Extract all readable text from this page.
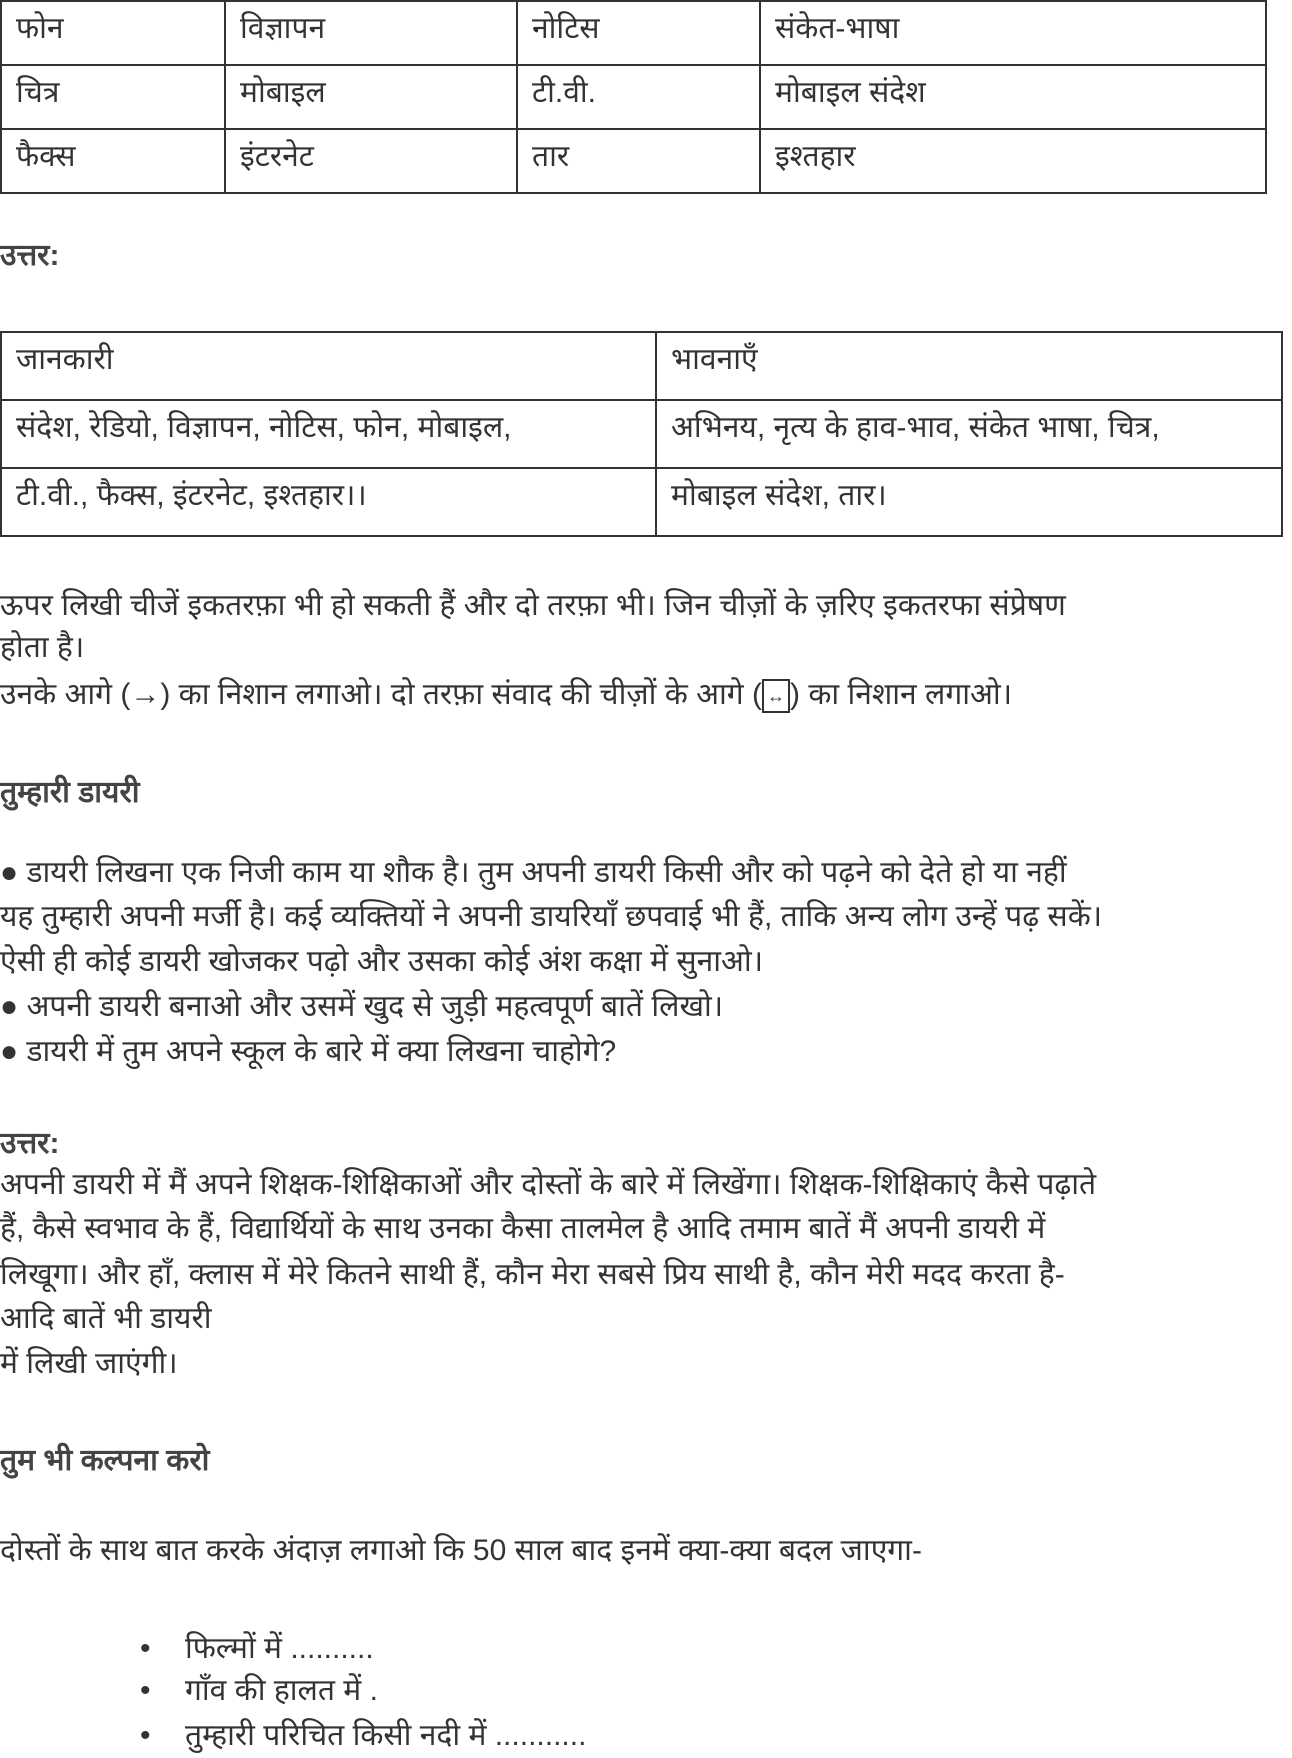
फोन	विज्ञापन	नोटिस	संकेत-भाषा
चित्र	मोबाइल	टी.वी.	मोबाइल संदेश
फैक्स	इंटरनेट	तार	इश्तहार
उत्तर:
जानकारी	भावनाएँ
संदेश, रेडियो, विज्ञापन, नोटिस, फोन, मोबाइल,	अभिनय, नृत्य के हाव-भाव, संकेत भाषा, चित्र,
टी.वी., फैक्स, इंटरनेट, इश्तहार।।	मोबाइल संदेश, तार।
ऊपर लिखी चीजें इकतरफ़ा भी हो सकती हैं और दो तरफ़ा भी। जिन चीज़ों के ज़रिए इकतरफा संप्रेषण
होता है।
उनके आगे (→) का निशान लगाओ। दो तरफ़ा संवाद की चीज़ों के आगे ( ↔ ) का निशान लगाओ।
तुम्हारी डायरी
● डायरी लिखना एक निजी काम या शौक है। तुम अपनी डायरी किसी और को पढ़ने को देते हो या नहीं
यह तुम्हारी अपनी मर्जी है। कई व्यक्तियों ने अपनी डायरियाँ छपवाई भी हैं, ताकि अन्य लोग उन्हें पढ़ सकें।
ऐसी ही कोई डायरी खोजकर पढ़ो और उसका कोई अंश कक्षा में सुनाओ।
● अपनी डायरी बनाओ और उसमें खुद से जुड़ी महत्वपूर्ण बातें लिखो।
● डायरी में तुम अपने स्कूल के बारे में क्या लिखना चाहोगे?
उत्तर:
अपनी डायरी में मैं अपने शिक्षक-शिक्षिकाओं और दोस्तों के बारे में लिखेंगा। शिक्षक-शिक्षिकाएं कैसे पढ़ाते
हैं, कैसे स्वभाव के हैं, विद्यार्थियों के साथ उनका कैसा तालमेल है आदि तमाम बातें मैं अपनी डायरी में
लिखूगा। और हाँ, क्लास में मेरे कितने साथी हैं, कौन मेरा सबसे प्रिय साथी है, कौन मेरी मदद करता है-
आदि बातें भी डायरी
में लिखी जाएंगी।
तुम भी कल्पना करो
दोस्तों के साथ बात करके अंदाज़ लगाओ कि 50 साल बाद इनमें क्या-क्या बदल जाएगा-
• फिल्मों में ..........
• गाँव की हालत में .
• तुम्हारी परिचित किसी नदी में ...........
